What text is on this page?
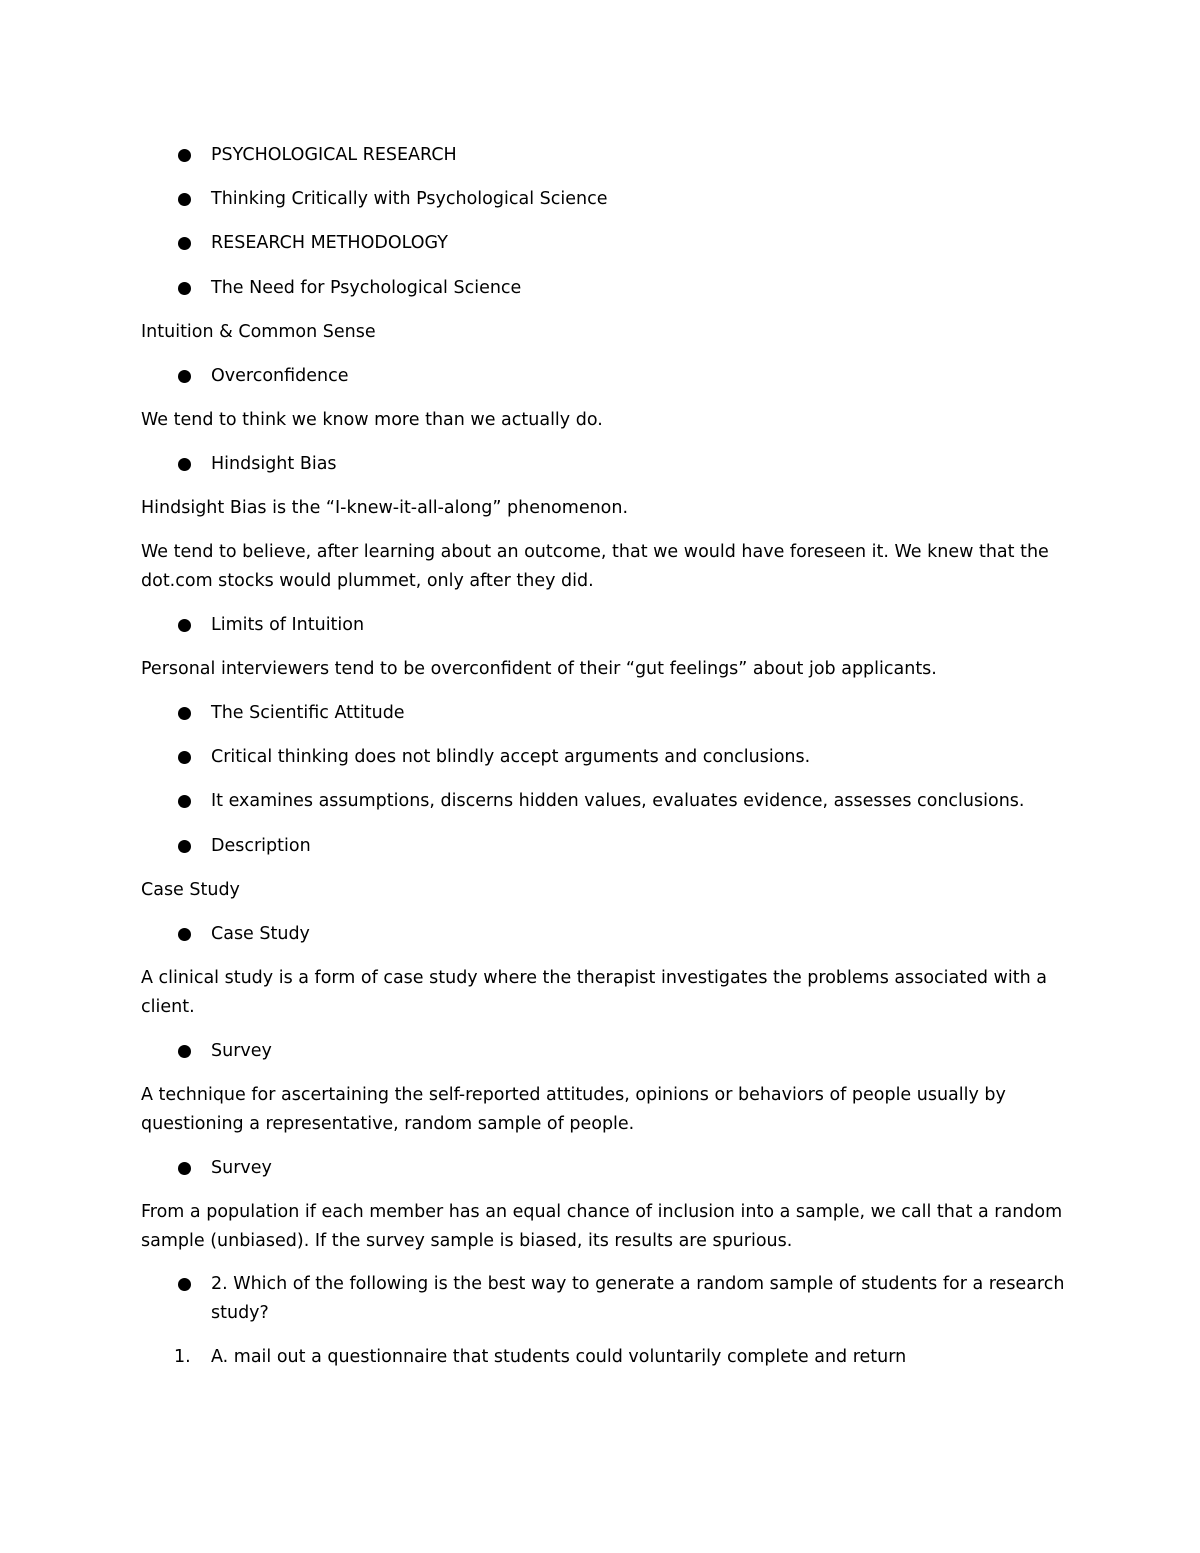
PSYCHOLOGICAL RESEARCH
Thinking Critically with Psychological Science
RESEARCH METHODOLOGY
The Need for Psychological Science
Intuition & Common Sense
Overconfidence
We tend to think we know more than we actually do.
Hindsight Bias
Hindsight Bias is the “I-knew-it-all-along” phenomenon.
We tend to believe, after learning about an outcome, that we would have foreseen it. We knew that the dot.com stocks would plummet, only after they did.
Limits of Intuition
Personal interviewers tend to be overconfident of their “gut feelings” about job applicants.
The Scientific Attitude
Critical thinking does not blindly accept arguments and conclusions.
It examines assumptions, discerns hidden values, evaluates evidence, assesses conclusions.
Description
Case Study
Case Study
A clinical study is a form of case study where the therapist investigates the problems associated with a client.
Survey
A technique for ascertaining the self-reported attitudes, opinions or behaviors of people usually by questioning a representative, random sample of people.
Survey
From a population if each member has an equal chance of inclusion into a sample, we call that a random sample (unbiased). If the survey sample is biased, its results are spurious.
2. Which of the following is the best way to generate a random sample of students for a research study?
1. A. mail out a questionnaire that students could voluntarily complete and return
